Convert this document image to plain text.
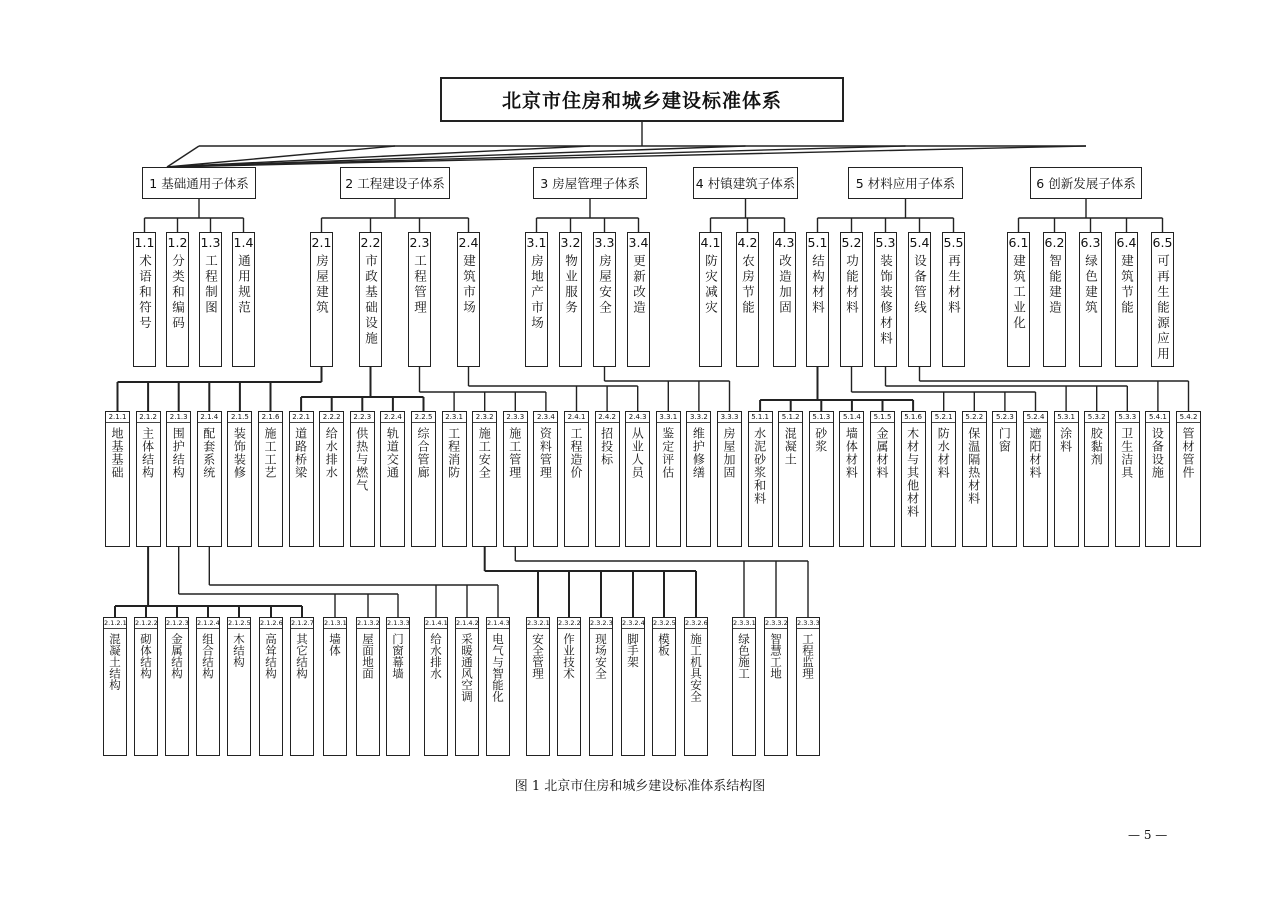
北京市住房和城乡建设标准体系
1 基础通用子体系	2 工程建设子体系	3 房屋管理子体系	4 村镇建筑子体系	5 材料应用子体系	6 创新发展子体系
1.1
术语和符号
1.2
分类和编码
1.3
工程制图
1.4
通用规范
2.1
房屋建筑
2.2
市政基础设施
2.3
工程管理
2.4
建筑市场
3.1
房地产市场
3.2
物业服务
3.3
房屋安全
3.4
更新改造
4.1
防灾减灾
4.2
农房节能
4.3
改造加固
5.1
结构材料
5.2
功能材料
5.3
装饰装修材料
5.4
设备管线
5.5
再生材料
6.1
建筑工业化
6.2
智能建造
6.3
绿色建筑
6.4
建筑节能
6.5
可再生能源应用
2.1.1
地基基础
2.1.2
主体结构
2.1.3
围护结构
2.1.4
配套系统
2.1.5
装饰装修
2.1.6
施工工艺
2.2.1
道路桥梁
2.2.2
给水排水
2.2.3
供热与燃气
2.2.4
轨道交通
2.2.5
综合管廊
2.3.1
工程消防
2.3.2
施工安全
2.3.3
施工管理
2.3.4
资料管理
2.4.1
工程造价
2.4.2
招投标
2.4.3
从业人员
3.3.1
鉴定评估
3.3.2
维护修缮
3.3.3
房屋加固
5.1.1
水泥砂浆和料
5.1.2
混凝土
5.1.3
砂浆
5.1.4
墙体材料
5.1.5
金属材料
5.1.6
木材与其他材料
5.2.1
防水材料
5.2.2
保温隔热材料
5.2.3
门窗
5.2.4
遮阳材料
5.3.1
涂料
5.3.2
胶黏剂
5.3.3
卫生洁具
5.4.1
设备设施
5.4.2
管材管件
2.1.2.1
混凝土结构
2.1.2.2
砌体结构
2.1.2.3
金属结构
2.1.2.4
组合结构
2.1.2.5
木结构
2.1.2.6
高耸结构
2.1.2.7
其它结构
2.1.3.1
墙体
2.1.3.2
屋面地面
2.1.3.3
门窗幕墙
2.1.4.1
给水排水
2.1.4.2
采暖通风空调
2.1.4.3
电气与智能化
2.3.2.1
安全管理
2.3.2.2
作业技术
2.3.2.3
现场安全
2.3.2.4
脚手架
2.3.2.5
模板
2.3.2.6
施工机具安全
2.3.3.1
绿色施工
2.3.3.2
智慧工地
2.3.3.3
工程监理
图 1 北京市住房和城乡建设标准体系结构图
— 5 —
